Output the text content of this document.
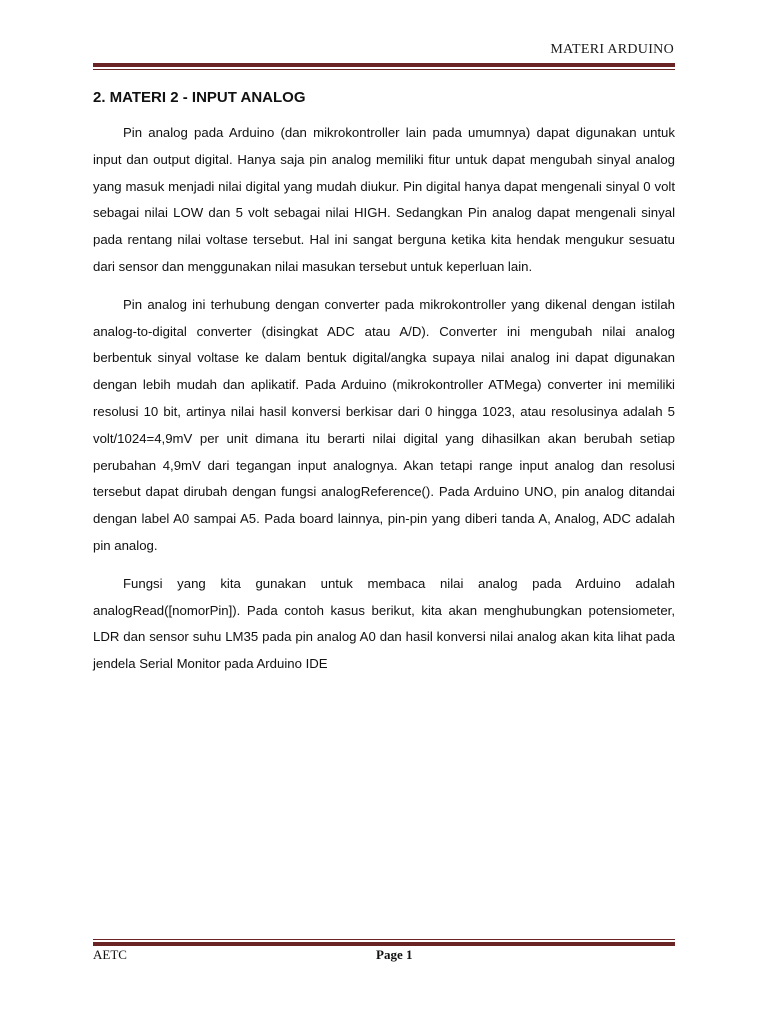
MATERI ARDUINO
2. MATERI 2 - INPUT ANALOG

Pin analog pada Arduino (dan mikrokontroller lain pada umumnya) dapat digunakan untuk input dan output digital. Hanya saja pin analog memiliki fitur untuk dapat mengubah sinyal analog yang masuk menjadi nilai digital yang mudah diukur. Pin digital hanya dapat mengenali sinyal 0 volt sebagai nilai LOW dan 5 volt sebagai nilai HIGH. Sedangkan Pin analog dapat mengenali sinyal pada rentang nilai voltase tersebut. Hal ini sangat berguna ketika kita hendak mengukur sesuatu dari sensor dan menggunakan nilai masukan tersebut untuk keperluan lain.

Pin analog ini terhubung dengan converter pada mikrokontroller yang dikenal dengan istilah analog-to-digital converter (disingkat ADC atau A/D). Converter ini mengubah nilai analog berbentuk sinyal voltase ke dalam bentuk digital/angka supaya nilai analog ini dapat digunakan dengan lebih mudah dan aplikatif. Pada Arduino (mikrokontroller ATMega) converter ini memiliki resolusi 10 bit, artinya nilai hasil konversi berkisar dari 0 hingga 1023, atau resolusinya adalah 5 volt/1024=4,9mV per unit dimana itu berarti nilai digital yang dihasilkan akan berubah setiap perubahan 4,9mV dari tegangan input analognya. Akan tetapi range input analog dan resolusi tersebut dapat dirubah dengan fungsi analogReference(). Pada Arduino UNO, pin analog ditandai dengan label A0 sampai A5. Pada board lainnya, pin-pin yang diberi tanda A, Analog, ADC adalah pin analog.

Fungsi yang kita gunakan untuk membaca nilai analog pada Arduino adalah analogRead([nomorPin]). Pada contoh kasus berikut, kita akan menghubungkan potensiometer, LDR dan sensor suhu LM35 pada pin analog A0 dan hasil konversi nilai analog akan kita lihat pada jendela Serial Monitor pada Arduino IDE

AETC	Page 1
